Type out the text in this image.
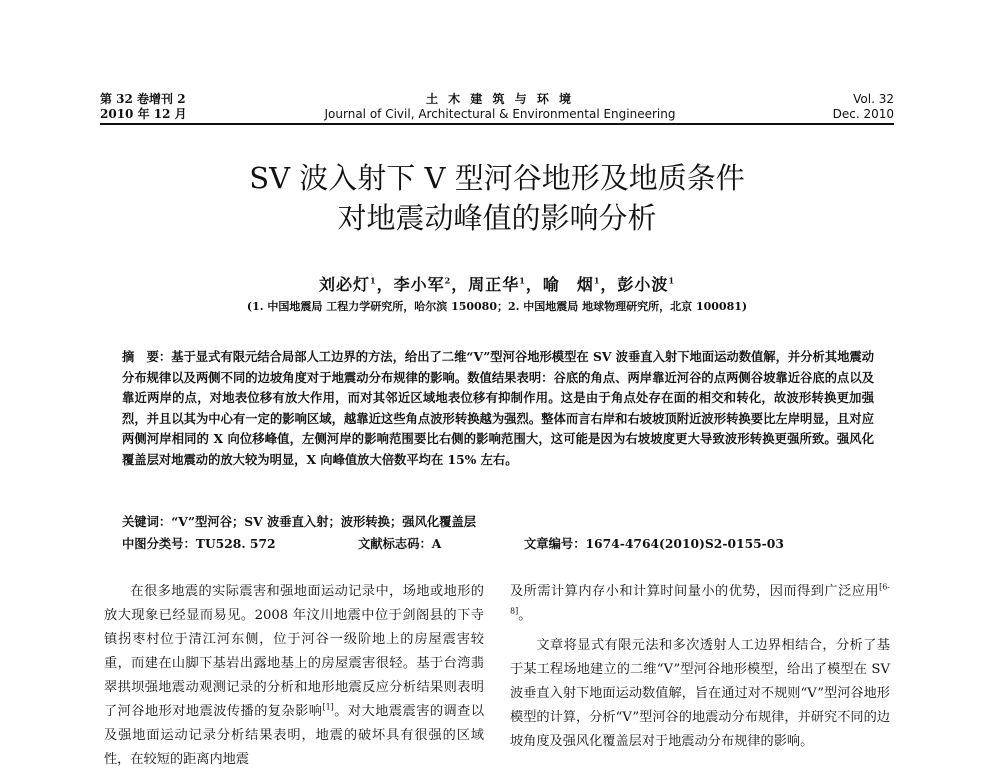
第 32 卷增刊 2
2010 年 12 月
土 木 建 筑 与 环 境
Journal of Civil, Architectural & Environmental Engineering
Vol. 32
Dec. 2010
SV 波入射下 V 型河谷地形及地质条件
对地震动峰值的影响分析
刘必灯$^1$，李小军$^2$，周正华$^1$，喻　烟$^1$，彭小波$^1$
(1. 中国地震局 工程力学研究所，哈尔滨 150080；2. 中国地震局 地球物理研究所，北京 100081)
摘　要：基于显式有限元结合局部人工边界的方法，给出了二维“V”型河谷地形模型在 SV 波垂直入射下地面运动数值解，并分析其地震动分布规律以及两侧不同的边坡角度对于地震动分布规律的影响。数值结果表明：谷底的角点、两岸靠近河谷的点两侧谷坡靠近谷底的点以及靠近两岸的点，对地表位移有放大作用，而对其邻近区域地表位移有抑制作用。这是由于角点处存在面的相交和转化，故波形转换更加强烈，并且以其为中心有一定的影响区域，越靠近这些角点波形转换越为强烈。整体而言右岸和右坡坡顶附近波形转换要比左岸明显，且对应两侧河岸相同的 X 向位移峰值，左侧河岸的影响范围要比右侧的影响范围大，这可能是因为右坡坡度更大导致波形转换更强所致。强风化覆盖层对地震动的放大较为明显，X 向峰值放大倍数平均在 15% 左右。
关键词：“V”型河谷；SV 波垂直入射；波形转换；强风化覆盖层
中图分类号：TU528. 572	文献标志码：A	文章编号：1674-4764(2010)S2-0155-03

在很多地震的实际震害和强地面运动记录中，场地或地形的放大现象已经显而易见。2008 年汶川地震中位于剑阁县的下寺镇拐枣村位于清江河东侧，位于河谷一级阶地上的房屋震害较重，而建在山脚下基岩出露地基上的房屋震害很轻。基于台湾翡翠拱坝强地震动观测记录的分析和地形地震反应分析结果则表明了河谷地形对地震波传播的复杂影响[1]。对大地震震害的调查以及强地面运动记录分析结果表明，地震的破坏具有很强的区域性，在较短的距离内地震

及所需计算内存小和计算时间量小的优势，因而得到广泛应用[6-8]。

文章将显式有限元法和多次透射人工边界相结合，分析了基于某工程场地建立的二维“V”型河谷地形模型，给出了模型在 SV 波垂直入射下地面运动数值解，旨在通过对不规则“V”型河谷地形模型的计算，分析“V”型河谷的地震动分布规律，并研究不同的边坡角度及强风化覆盖层对于地震动分布规律的影响。
